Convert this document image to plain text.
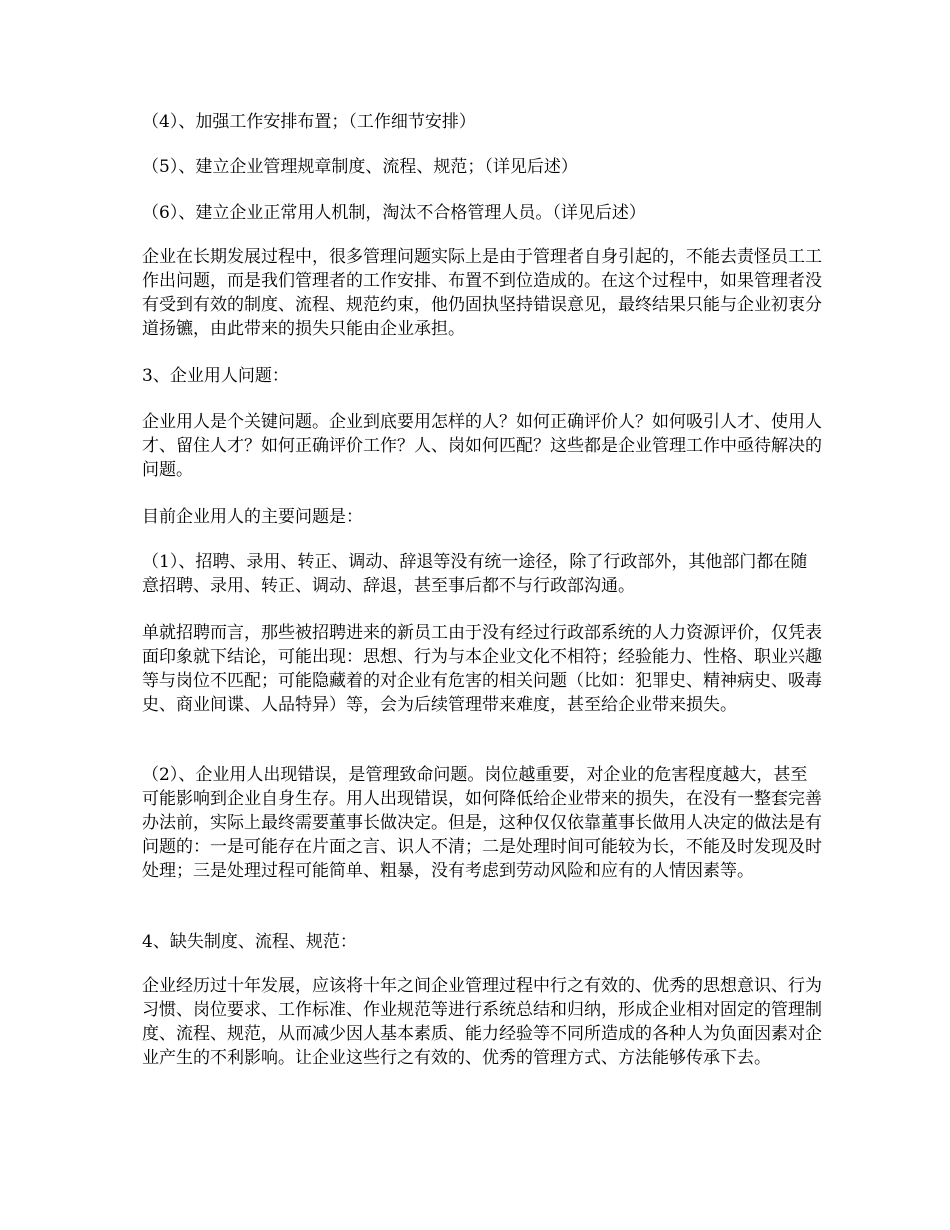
（4）、加强工作安排布置；（工作细节安排）

（5）、建立企业管理规章制度、流程、规范；（详见后述）

（6）、建立企业正常用人机制，淘汰不合格管理人员。（详见后述）

企业在长期发展过程中，很多管理问题实际上是由于管理者自身引起的，不能去责怪员工工作出问题，而是我们管理者的工作安排、布置不到位造成的。在这个过程中，如果管理者没有受到有效的制度、流程、规范约束，他仍固执坚持错误意见，最终结果只能与企业初衷分道扬镳，由此带来的损失只能由企业承担。

3、企业用人问题：

企业用人是个关键问题。企业到底要用怎样的人？如何正确评价人？如何吸引人才、使用人才、留住人才？如何正确评价工作？人、岗如何匹配？这些都是企业管理工作中亟待解决的问题。

目前企业用人的主要问题是：

（1）、招聘、录用、转正、调动、辞退等没有统一途径，除了行政部外，其他部门都在随意招聘、录用、转正、调动、辞退，甚至事后都不与行政部沟通。

单就招聘而言，那些被招聘进来的新员工由于没有经过行政部系统的人力资源评价，仅凭表面印象就下结论，可能出现：思想、行为与本企业文化不相符；经验能力、性格、职业兴趣等与岗位不匹配；可能隐藏着的对企业有危害的相关问题（比如：犯罪史、精神病史、吸毒史、商业间谍、人品特异）等，会为后续管理带来难度，甚至给企业带来损失。

（2）、企业用人出现错误，是管理致命问题。岗位越重要，对企业的危害程度越大，甚至可能影响到企业自身生存。用人出现错误，如何降低给企业带来的损失，在没有一整套完善办法前，实际上最终需要董事长做决定。但是，这种仅仅依靠董事长做用人决定的做法是有问题的：一是可能存在片面之言、识人不清；二是处理时间可能较为长，不能及时发现及时处理；三是处理过程可能简单、粗暴，没有考虑到劳动风险和应有的人情因素等。

4、缺失制度、流程、规范：

企业经历过十年发展，应该将十年之间企业管理过程中行之有效的、优秀的思想意识、行为习惯、岗位要求、工作标准、作业规范等进行系统总结和归纳，形成企业相对固定的管理制度、流程、规范，从而减少因人基本素质、能力经验等不同所造成的各种人为负面因素对企业产生的不利影响。让企业这些行之有效的、优秀的管理方式、方法能够传承下去。
